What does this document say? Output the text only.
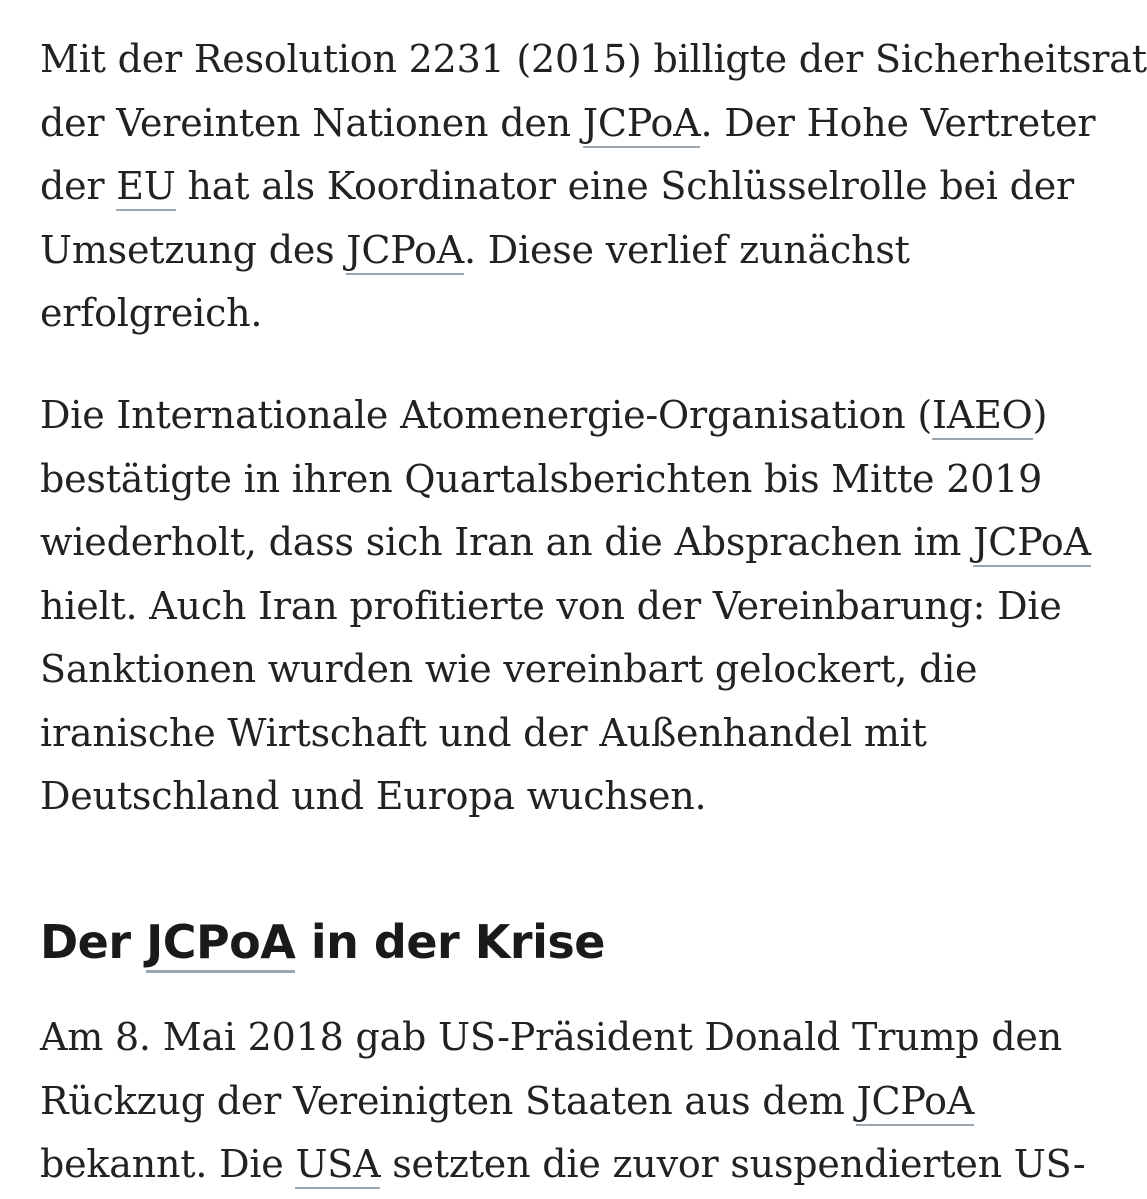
Mit der Resolution 2231 (2015) billigte der Sicherheitsrat
der Vereinten Nationen den JCPoA. Der Hohe Vertreter
der EU hat als Koordinator eine Schlüsselrolle bei der
Umsetzung des JCPoA. Diese verlief zunächst
erfolgreich.

Die Internationale Atomenergie-Organisation (IAEO)
bestätigte in ihren Quartalsberichten bis Mitte 2019
wiederholt, dass sich Iran an die Absprachen im JCPoA
hielt. Auch Iran profitierte von der Vereinbarung: Die
Sanktionen wurden wie vereinbart gelockert, die
iranische Wirtschaft und der Außenhandel mit
Deutschland und Europa wuchsen.

Der JCPoA in der Krise

Am 8. Mai 2018 gab US-Präsident Donald Trump den
Rückzug der Vereinigten Staaten aus dem JCPoA
bekannt. Die USA setzten die zuvor suspendierten US-
